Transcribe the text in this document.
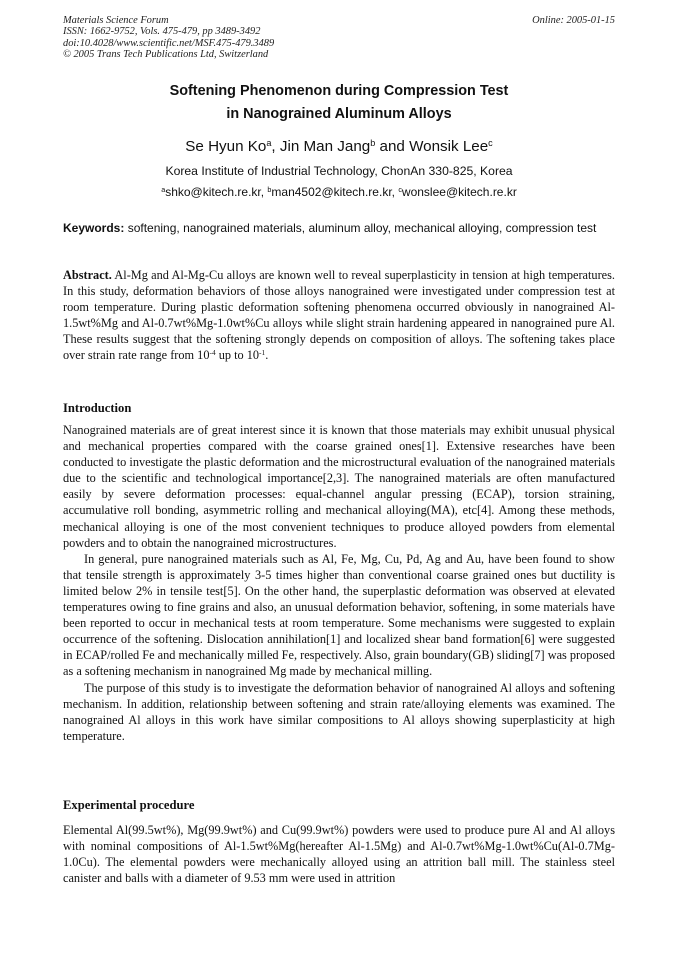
Materials Science Forum
ISSN: 1662-9752, Vols. 475-479, pp 3489-3492
doi:10.4028/www.scientific.net/MSF.475-479.3489
© 2005 Trans Tech Publications Ltd, Switzerland
Online: 2005-01-15
Softening Phenomenon during Compression Test
in Nanograined Aluminum Alloys
Se Hyun Ko$^a$, Jin Man Jang$^b$ and Wonsik Lee$^c$
Korea Institute of Industrial Technology, ChonAn 330-825, Korea
$^a$shko@kitech.re.kr, $^b$man4502@kitech.re.kr, $^c$wonslee@kitech.re.kr
Keywords: softening, nanograined materials, aluminum alloy, mechanical alloying, compression test
Abstract. Al-Mg and Al-Mg-Cu alloys are known well to reveal superplasticity in tension at high temperatures. In this study, deformation behaviors of those alloys nanograined were investigated under compression test at room temperature. During plastic deformation softening phenomena occurred obviously in nanograined Al-1.5wt%Mg and Al-0.7wt%Mg-1.0wt%Cu alloys while slight strain hardening appeared in nanograined pure Al. These results suggest that the softening strongly depends on composition of alloys. The softening takes place over strain rate range from $10^{-4}$ up to $10^{-1}$.
Introduction

Nanograined materials are of great interest since it is known that those materials may exhibit unusual physical and mechanical properties compared with the coarse grained ones[1]. Extensive researches have been conducted to investigate the plastic deformation and the microstructural evaluation of the nanograined materials due to the scientific and technological importance[2,3]. The nanograined materials are often manufactured easily by severe deformation processes: equal-channel angular pressing (ECAP), torsion straining, accumulative roll bonding, asymmetric rolling and mechanical alloying(MA), etc[4]. Among these methods, mechanical alloying is one of the most convenient techniques to produce alloyed powders from elemental powders and to obtain the nanograined microstructures.

In general, pure nanograined materials such as Al, Fe, Mg, Cu, Pd, Ag and Au, have been found to show that tensile strength is approximately 3-5 times higher than conventional coarse grained ones but ductility is limited below 2% in tensile test[5]. On the other hand, the superplastic deformation was observed at elevated temperatures owing to fine grains and also, an unusual deformation behavior, softening, in some materials have been reported to occur in mechanical tests at room temperature. Some mechanisms were suggested to explain occurrence of the softening. Dislocation annihilation[1] and localized shear band formation[6] were suggested in ECAP/rolled Fe and mechanically milled Fe, respectively. Also, grain boundary(GB) sliding[7] was proposed as a softening mechanism in nanograined Mg made by mechanical milling.

The purpose of this study is to investigate the deformation behavior of nanograined Al alloys and softening mechanism. In addition, relationship between softening and strain rate/alloying elements was examined. The nanograined Al alloys in this work have similar compositions to Al alloys showing superplasticity at high temperature.

Experimental procedure

Elemental Al(99.5wt%), Mg(99.9wt%) and Cu(99.9wt%) powders were used to produce pure Al and Al alloys with nominal compositions of Al-1.5wt%Mg(hereafter Al-1.5Mg) and Al-0.7wt%Mg-1.0wt%Cu(Al-0.7Mg-1.0Cu). The elemental powders were mechanically alloyed using an attrition ball mill. The stainless steel canister and balls with a diameter of 9.53 mm were used in attrition
